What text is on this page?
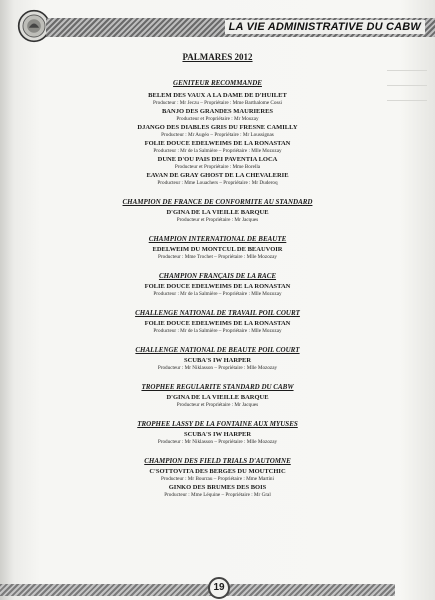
LA VIE ADMINISTRATIVE DU CABW
PALMARES 2012
GENITEUR RECOMMANDE
BELEM DES VAUX A LA DAME DE D'HUILET
Producteur : Mr Jeczu – Propriétaire : Mme Barthalome Cossi
BANJO DES GRANDES MAURIERES
Producteur et Propriétaire : Mr Mouzay
DJANGO DES DIABLES GRIS DU FRESNE CAMILLY
Producteur : Mr Augéo – Propriétaire : Mr Loussignas
FOLIE DOUCE EDELWEIMS DE LA RONASTAN
Producteur : Mr de la Salmière – Propriétaire : Mlle Mozozay
DUNE D'OU PAIS DEI PAVENTIA LOCA
Producteur et Propriétaire : Mme Borella
EAVAN DE GRAY GHOST DE LA CHEVALERIE
Producteur : Mme Louachers – Propriétaire : Mr Duderoq
CHAMPION DE FRANCE DE CONFORMITE AU STANDARD
D'GINA DE LA VIEILLE BARQUE
Producteur et Propriétaire : Mr Jacques
CHAMPION INTERNATIONAL DE BEAUTE
EDELWEIM DU MONTCUL DE BEAUVOIR
Producteur : Mme Trochet – Propriétaire : Mlle Mozozay
CHAMPION FRANÇAIS DE LA RACE
FOLIE DOUCE EDELWEIMS DE LA RONASTAN
Producteur : Mr de la Salmière – Propriétaire : Mlle Mozozay
CHALLENGE NATIONAL DE TRAVAIL POIL COURT
FOLIE DOUCE EDELWEIMS DE LA RONASTAN
Producteur : Mr de la Salmière – Propriétaire : Mlle Mozozay
CHALLENGE NATIONAL DE BEAUTE POIL COURT
SCUBA'S IW HARPER
Producteur : Mr Niklasson – Propriétaire : Mlle Mozozay
TROPHEE REGULARITE STANDARD DU CABW
D'GINA DE LA VIEILLE BARQUE
Producteur et Propriétaire : Mr Jacques
TROPHEE LASSY DE LA FONTAINE AUX MYUSES
SCUBA'S IW HARPER
Producteur : Mr Niklasson – Propriétaire : Mlle Mozozay
CHAMPION DES FIELD TRIALS D'AUTOMNE
C'SOTTOVITA DES BERGES DU MOUTCHIC
Producteur : Mr Bourrau – Propriétaire : Mme Martini
GINKO DES BRUMES DES BOIS
Producteur : Mme Léquine – Propriétaire : Mr Gral
19
